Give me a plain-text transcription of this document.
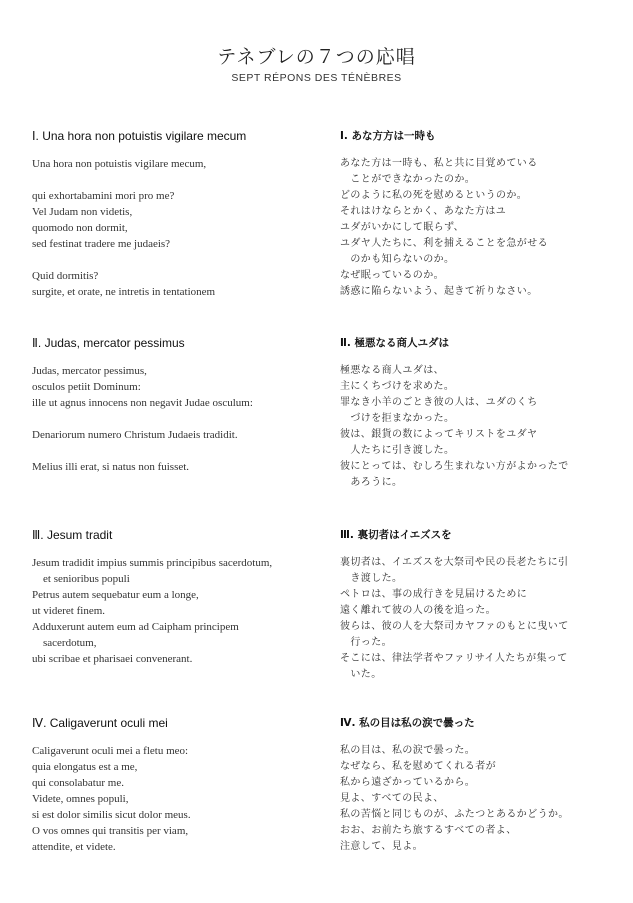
テネブレの７つの応唱
SEPT RÉPONS DES TÉNÈBRES
Ⅰ. Una hora non potuistis vigilare mecum
Una hora non potuistis vigilare mecum,
qui exhortabamini mori pro me?
Vel Judam non videtis,
quomodo non dormit,
sed festinat tradere me judaeis?
Quid dormitis?
surgite, et orate, ne intretis in tentationem
Ⅰ. あな方方は一時も
あなた方は一時も、私と共に目覚めている
　ことができなかったのか。
どのように私の死を慰めるというのか。
それはけならとかく、あなた方はユ
ユダがいかにして眠らず、
ユダヤ人たちに、利を捕えることを急がせる
　のかも知らないのか。
なぜ眠っているのか。
誘惑に陥らないよう、起きて祈りなさい。
Ⅱ. Judas, mercator pessimus
Judas, mercator pessimus,
osculos petiit Dominum:
ille ut agnus innocens non negavit Judae osculum:
Denariorum numero Christum Judaeis tradidit.
Melius illi erat, si natus non fuisset.
Ⅱ. 極悪なる商人ユダは
極悪なる商人ユダは、
主にくちづけを求めた。
罪なき小羊のごとき彼の人は、ユダのくち
　づけを拒まなかった。
彼は、銀貨の数によってキリストをユダヤ
　人たちに引き渡した。
彼にとっては、むしろ生まれない方がよかったで
　あろうに。
Ⅲ. Jesum tradit
Jesum tradidit impius summis principibus sacerdotum,
　et senioribus populi
Petrus autem sequebatur eum a longe,
ut videret finem.
Adduxerunt autem eum ad Caipham principem
　sacerdotum,
ubi scribae et pharisaei convenerant.
Ⅲ. 裏切者はイエズスを
裏切者は、イエズスを大祭司や民の長老たちに引
　き渡した。
ペトロは、事の成行きを見届けるために
遠く離れて彼の人の後を追った。
彼らは、彼の人を大祭司カヤファのもとに曳いて
　行った。
そこには、律法学者やファリサイ人たちが集って
　いた。
Ⅳ. Caligaverunt oculi mei
Caligaverunt oculi mei a fletu meo:
quia elongatus est a me,
qui consolabatur me.
Videte, omnes populi,
si est dolor similis sicut dolor meus.
O vos omnes qui transitis per viam,
attendite, et videte.
Ⅳ. 私の目は私の涙で曇った
私の目は、私の涙で曇った。
なぜなら、私を慰めてくれる者が
私から遠ざかっているから。
見よ、すべての民よ、
私の苦悩と同じものが、ふたつとあるかどうか。
おお、お前たち旅するすべての者よ、
注意して、見よ。
